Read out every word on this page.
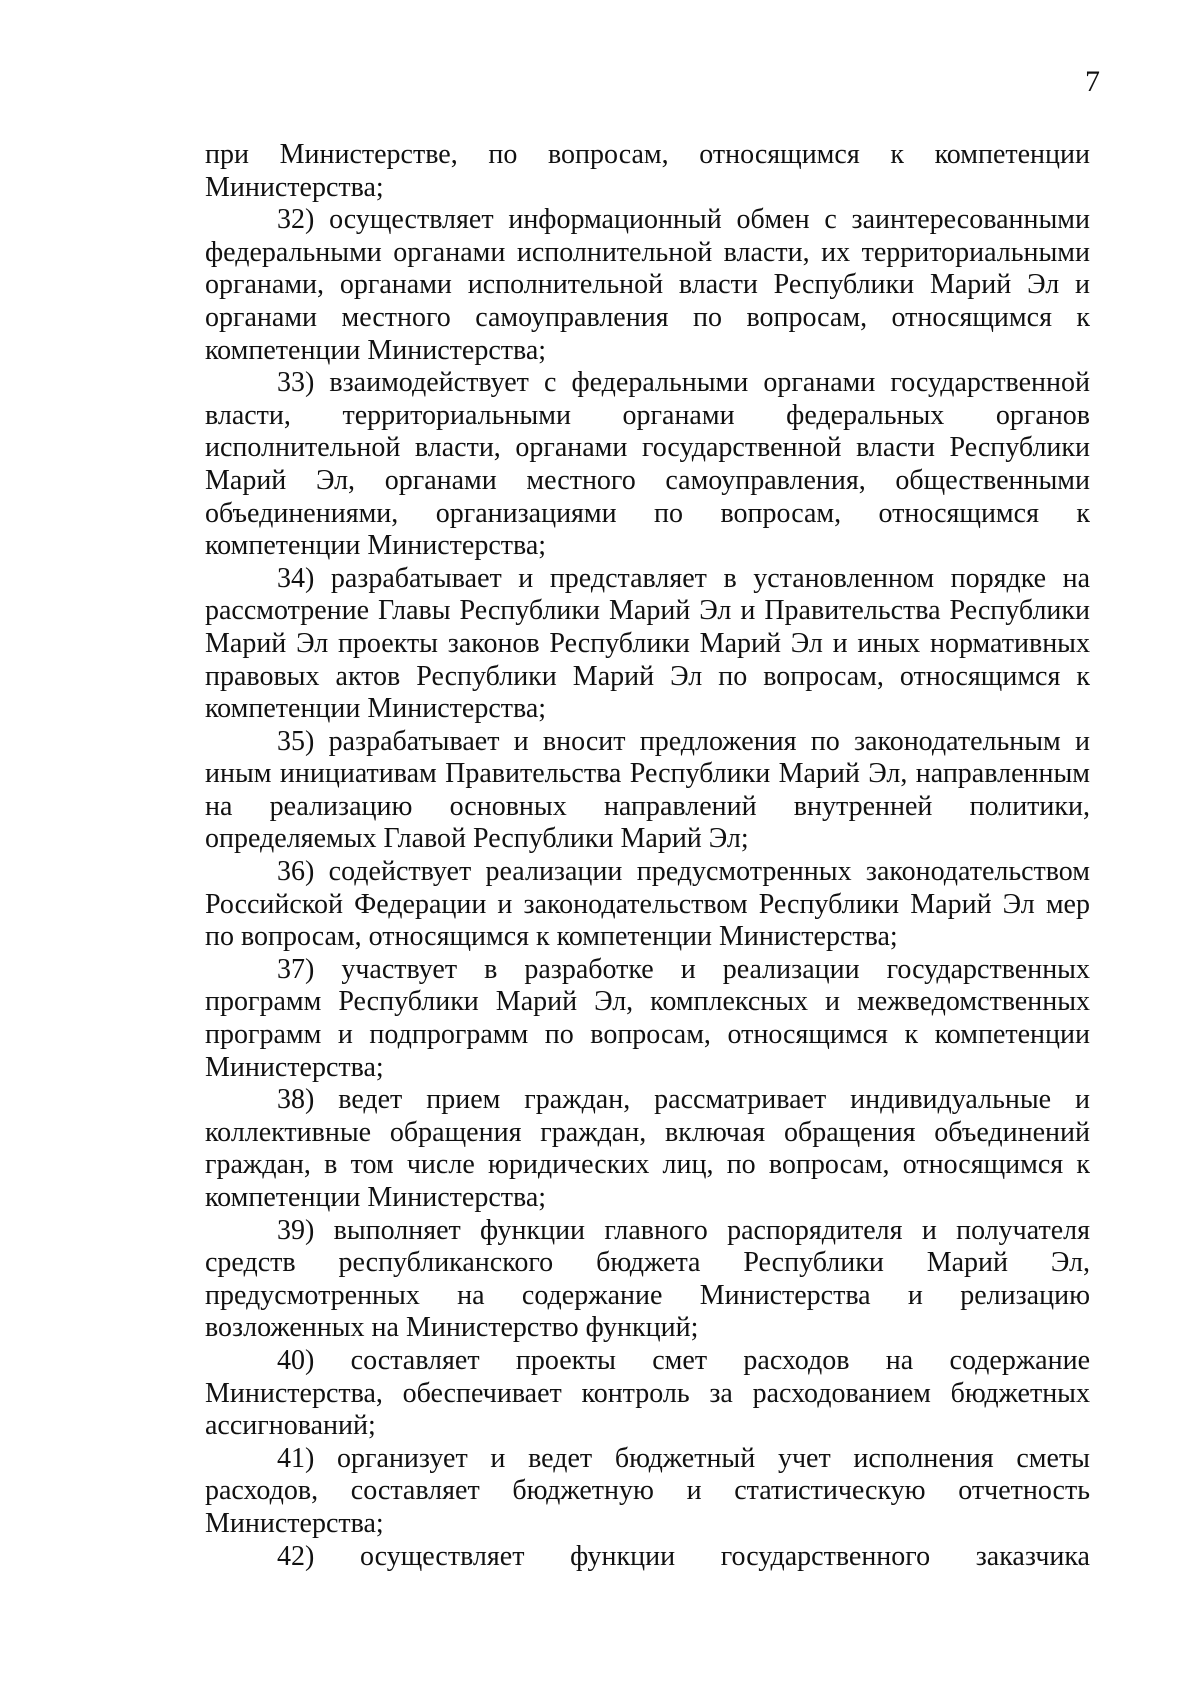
7

при Министерстве, по вопросам, относящимся к компетенции Министерства;

32) осуществляет информационный обмен с заинтересованными федеральными органами исполнительной власти, их территориальными органами, органами исполнительной власти Республики Марий Эл и органами местного самоуправления по вопросам, относящимся к компетенции Министерства;

33) взаимодействует с федеральными органами государственной власти, территориальными органами федеральных органов исполнительной власти, органами государственной власти Республики Марий Эл, органами местного самоуправления, общественными объединениями, организациями по вопросам, относящимся к компетенции Министерства;

34) разрабатывает и представляет в установленном порядке на рассмотрение Главы Республики Марий Эл и Правительства Республики Марий Эл проекты законов Республики Марий Эл и иных нормативных правовых актов Республики Марий Эл по вопросам, относящимся к компетенции Министерства;

35) разрабатывает и вносит предложения по законодательным и иным инициативам Правительства Республики Марий Эл, направленным на реализацию основных направлений внутренней политики, определяемых Главой Республики Марий Эл;

36) содействует реализации предусмотренных законодательством Российской Федерации и законодательством Республики Марий Эл мер по вопросам, относящимся к компетенции Министерства;

37) участвует в разработке и реализации государственных программ Республики Марий Эл, комплексных и межведомственных программ и подпрограмм по вопросам, относящимся к компетенции Министерства;

38) ведет прием граждан, рассматривает индивидуальные и коллективные обращения граждан, включая обращения объединений граждан, в том числе юридических лиц, по вопросам, относящимся к компетенции Министерства;

39) выполняет функции главного распорядителя и получателя средств республиканского бюджета Республики Марий Эл, предусмотренных на содержание Министерства и релизацию возложенных на Министерство функций;

40) составляет проекты смет расходов на содержание Министерства, обеспечивает контроль за расходованием бюджетных ассигнований;

41) организует и ведет бюджетный учет исполнения сметы расходов, составляет бюджетную и статистическую отчетность Министерства;

42) осуществляет функции государственного заказчика
